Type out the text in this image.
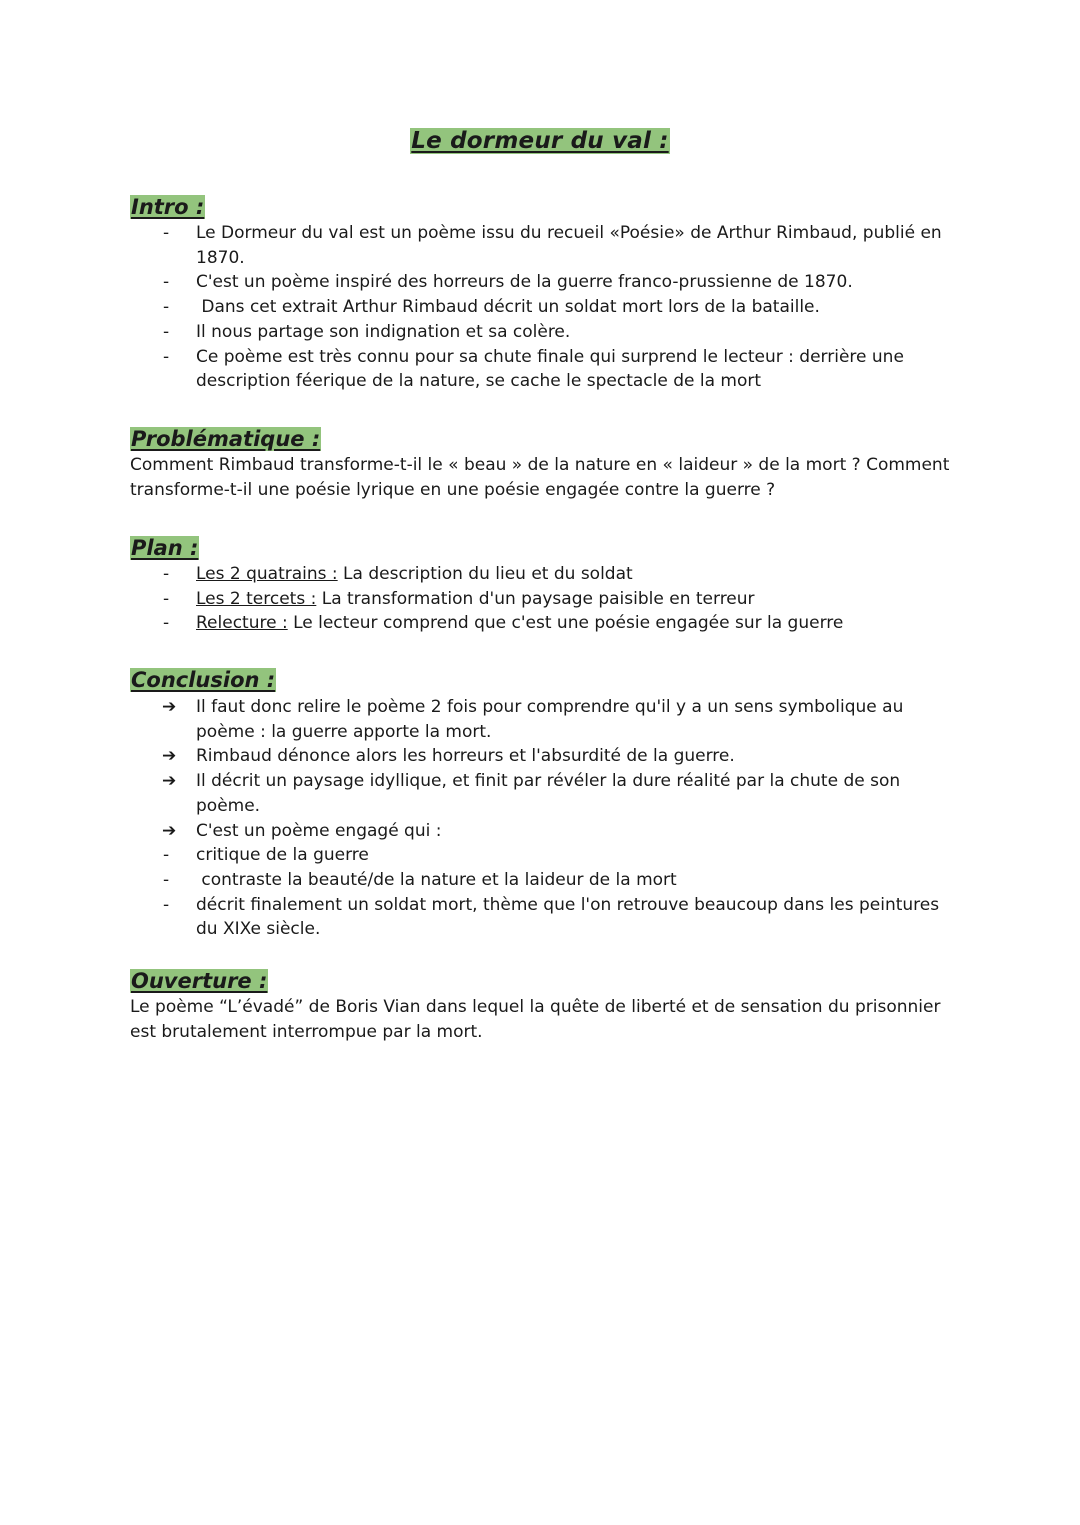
Le dormeur du val :
Intro :
-	Le Dormeur du val est un poème issu du recueil «Poésie» de Arthur Rimbaud, publié en 1870.
-	C'est un poème inspiré des horreurs de la guerre franco-prussienne de 1870.
-	Dans cet extrait Arthur Rimbaud décrit un soldat mort lors de la bataille.
-	Il nous partage son indignation et sa colère.
-	Ce poème est très connu pour sa chute finale qui surprend le lecteur : derrière une description féerique de la nature, se cache le spectacle de la mort
Problématique :

Comment Rimbaud transforme-t-il le « beau » de la nature en « laideur » de la mort ? Comment transforme-t-il une poésie lyrique en une poésie engagée contre la guerre ?

Plan :
-	Les 2 quatrains : La description du lieu et du soldat
-	Les 2 tercets : La transformation d'un paysage paisible en terreur
-	Relecture : Le lecteur comprend que c'est une poésie engagée sur la guerre
Conclusion :
➔	Il faut donc relire le poème 2 fois pour comprendre qu'il y a un sens symbolique au poème : la guerre apporte la mort.
➔	Rimbaud dénonce alors les horreurs et l'absurdité de la guerre.
➔	Il décrit un paysage idyllique, et finit par révéler la dure réalité par la chute de son poème.
➔	C'est un poème engagé qui :
-	critique de la guerre
-	contraste la beauté/de la nature et la laideur de la mort
-	décrit finalement un soldat mort, thème que l'on retrouve beaucoup dans les peintures du XIXe siècle.
Ouverture :

Le poème “L’évadé” de Boris Vian dans lequel la quête de liberté et de sensation du prisonnier est brutalement interrompue par la mort.
